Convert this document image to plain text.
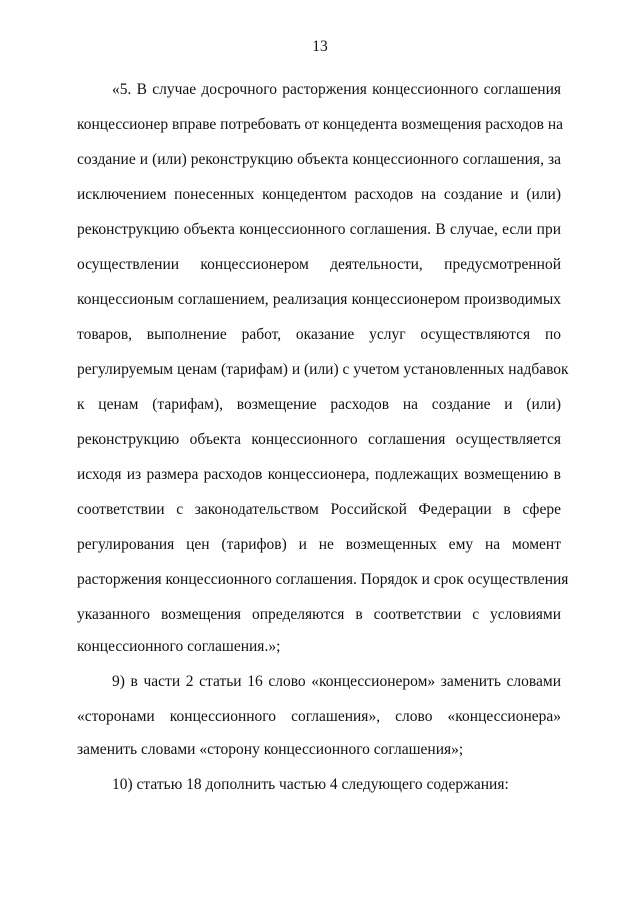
13
«5. В случае досрочного расторжения концессионного соглашения
концессионер вправе потребовать от концедента возмещения расходов на
создание и (или) реконструкцию объекта концессионного соглашения, за
исключением понесенных концедентом расходов на создание и (или)
реконструкцию объекта концессионного соглашения. В случае, если при
осуществлении концессионером деятельности, предусмотренной
концессионым соглашением, реализация концессионером производимых
товаров, выполнение работ, оказание услуг осуществляются по
регулируемым ценам (тарифам) и (или) с учетом установленных надбавок
к ценам (тарифам), возмещение расходов на создание и (или)
реконструкцию объекта концессионного соглашения осуществляется
исходя из размера расходов концессионера, подлежащих возмещению в
соответствии с законодательством Российской Федерации в сфере
регулирования цен (тарифов) и не возмещенных ему на момент
расторжения концессионного соглашения. Порядок и срок осуществления
указанного возмещения определяются в соответствии с условиями
концессионного соглашения.»;
9) в части 2 статьи 16 слово «концессионером» заменить словами
«сторонами концессионного соглашения», слово «концессионера»
заменить словами «сторону концессионного соглашения»;
10) статью 18 дополнить частью 4 следующего содержания:
